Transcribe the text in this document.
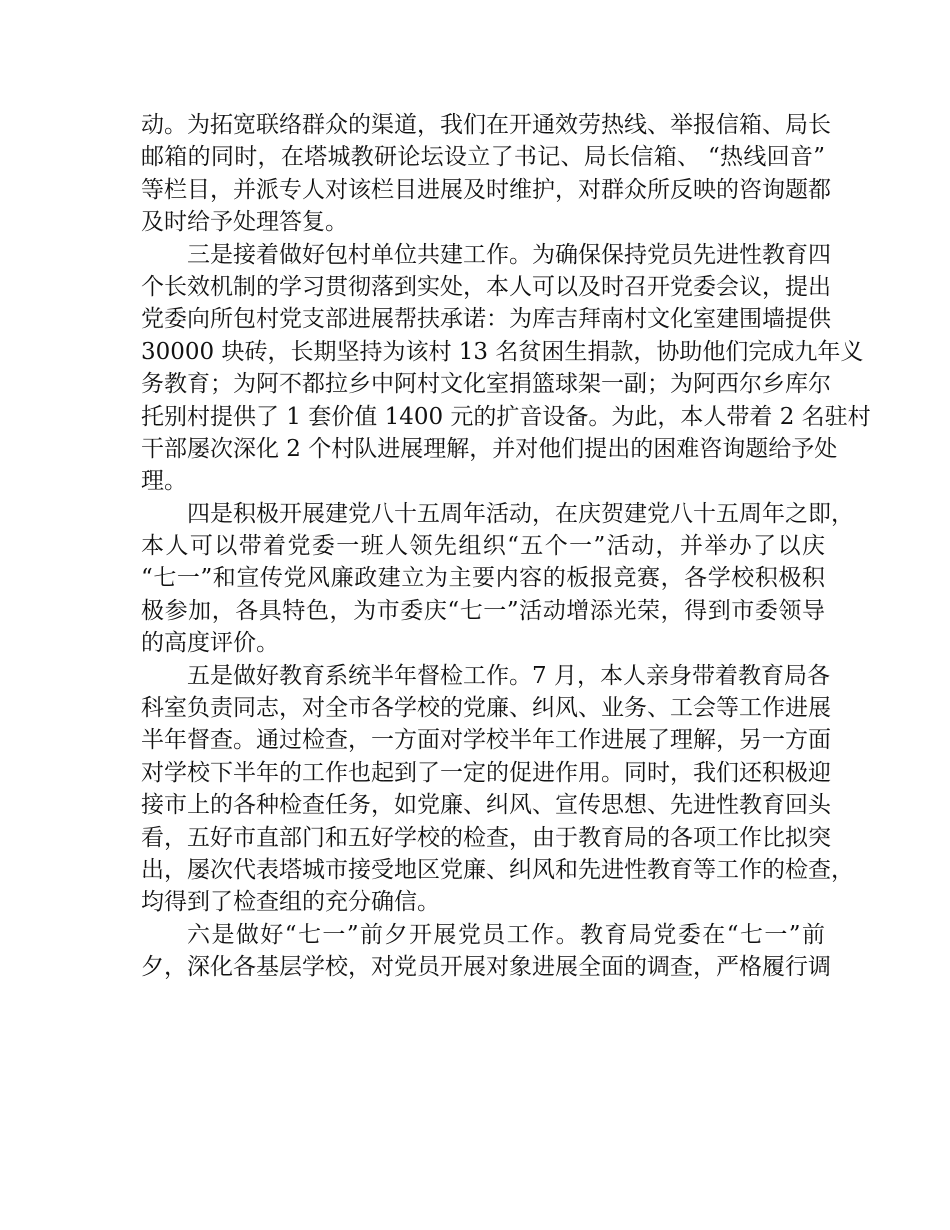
动。为拓宽联络群众的渠道，我们在开通效劳热线、举报信箱、局长
邮箱的同时，在塔城教研论坛设立了书记、局长信箱、 “热线回音”
等栏目，并派专人对该栏目进展及时维护，对群众所反映的咨询题都
及时给予处理答复。
三是接着做好包村单位共建工作。为确保保持党员先进性教育四
个长效机制的学习贯彻落到实处，本人可以及时召开党委会议，提出
党委向所包村党支部进展帮扶承诺：为库吉拜南村文化室建围墙提供
30000 块砖，长期坚持为该村 13 名贫困生捐款，协助他们完成九年义
务教育；为阿不都拉乡中阿村文化室捐篮球架一副；为阿西尔乡库尔
托别村提供了 1 套价值 1400 元的扩音设备。为此，本人带着 2 名驻村
干部屡次深化 2 个村队进展理解，并对他们提出的困难咨询题给予处
理。
四是积极开展建党八十五周年活动，在庆贺建党八十五周年之即，
本人可以带着党委一班人领先组织“五个一”活动，并举办了以庆
“七一”和宣传党风廉政建立为主要内容的板报竞赛，各学校积极积
极参加，各具特色，为市委庆“七一”活动增添光荣，得到市委领导
的高度评价。
五是做好教育系统半年督检工作。7 月，本人亲身带着教育局各
科室负责同志，对全市各学校的党廉、纠风、业务、工会等工作进展
半年督查。通过检查，一方面对学校半年工作进展了理解，另一方面
对学校下半年的工作也起到了一定的促进作用。同时，我们还积极迎
接市上的各种检查任务，如党廉、纠风、宣传思想、先进性教育回头
看，五好市直部门和五好学校的检查，由于教育局的各项工作比拟突
出，屡次代表塔城市接受地区党廉、纠风和先进性教育等工作的检查，
均得到了检查组的充分确信。
六是做好“七一”前夕开展党员工作。教育局党委在“七一”前
夕，深化各基层学校，对党员开展对象进展全面的调查，严格履行调
